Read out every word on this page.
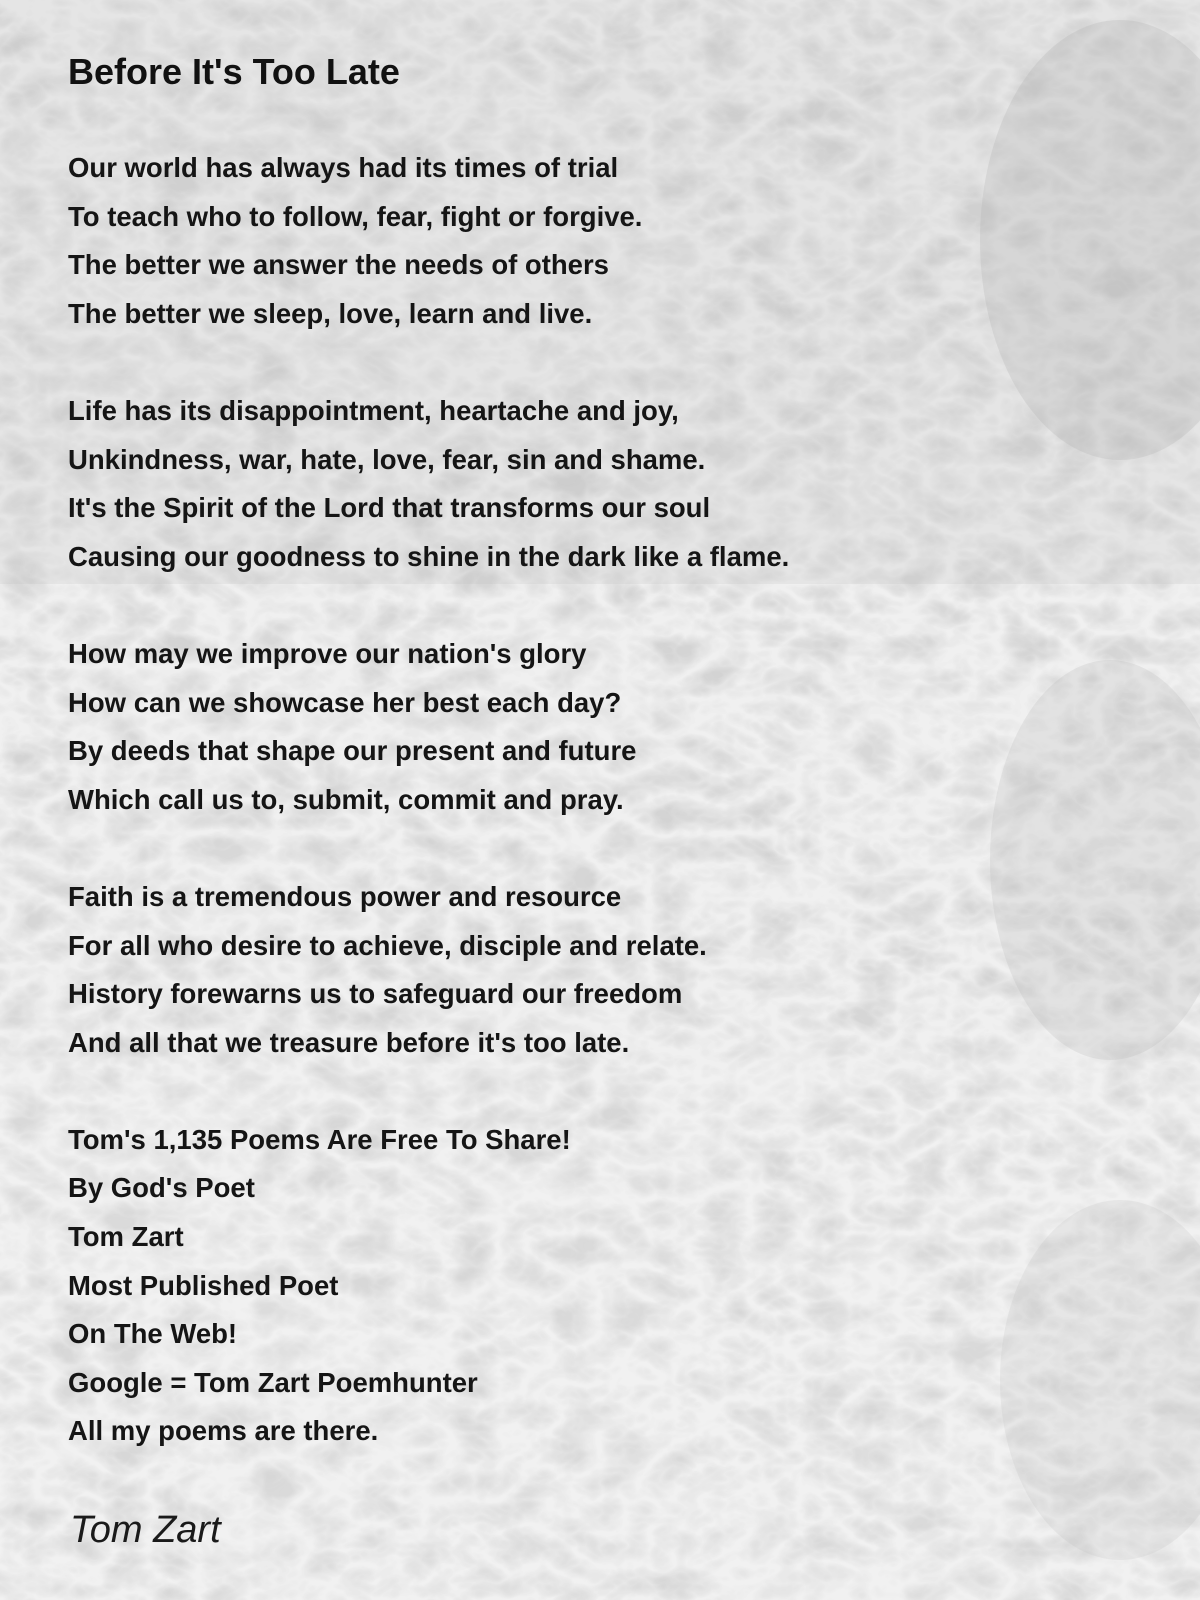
Before It's Too Late
Our world has always had its times of trial
To teach who to follow, fear, fight or forgive.
The better we answer the needs of others
The better we sleep, love, learn and live.
Life has its disappointment, heartache and joy,
Unkindness, war, hate, love, fear, sin and shame.
It's the Spirit of the Lord that transforms our soul
Causing our goodness to shine in the dark like a flame.
How may we improve our nation's glory
How can we showcase her best each day?
By deeds that shape our present and future
Which call us to, submit, commit and pray.
Faith is a tremendous power and resource
For all who desire to achieve, disciple and relate.
History forewarns us to safeguard our freedom
And all that we treasure before it's too late.
Tom's 1,135 Poems Are Free To Share!
By God's Poet
Tom Zart
Most Published Poet
On The Web!
Google = Tom Zart Poemhunter
All my poems are there.
Tom Zart
